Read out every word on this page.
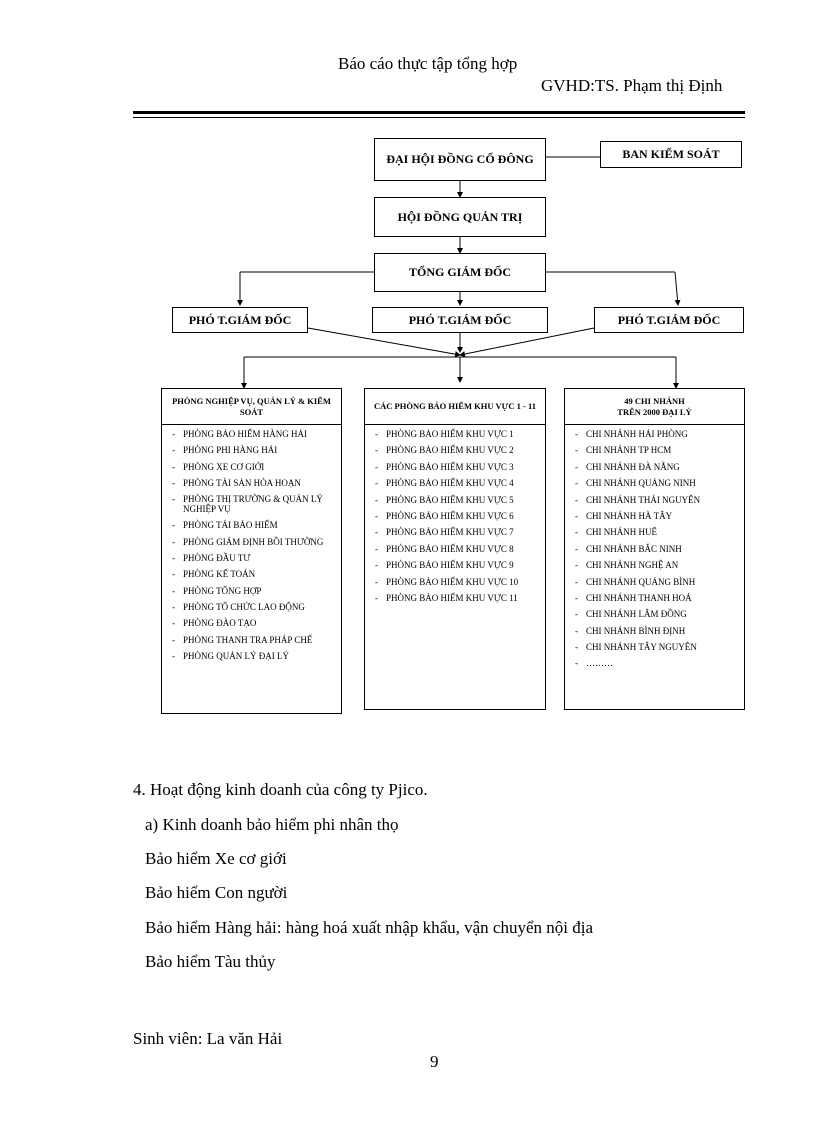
Báo cáo thực tập tổng hợp
GVHD:TS. Phạm thị Định
ĐẠI HỘI ĐỒNG CỔ ĐÔNG	BAN KIỂM SOÁT
HỘI ĐỒNG QUẢN TRỊ
TỔNG GIÁM ĐỐC
PHÓ T.GIÁM ĐỐC	PHÓ T.GIÁM ĐỐC	PHÓ T.GIÁM ĐỐC
PHÒNG NGHIỆP VỤ, QUẢN LÝ & KIỂM SOÁT
- PHÒNG BẢO HIỂM HÀNG HẢI
- PHÒNG PHI HÀNG HẢI
- PHÒNG XE CƠ GIỚI
- PHÒNG TÀI SẢN HỎA HOẠN
- PHÒNG THỊ TRƯỜNG & QUẢN LÝ NGHIỆP VỤ
- PHÒNG TÁI BẢO HIỂM
- PHÒNG GIÁM ĐỊNH BỒI THƯỜNG
- PHÒNG ĐẦU TƯ
- PHÒNG KẾ TOÁN
- PHÒNG TỔNG HỢP
- PHÒNG TỔ CHỨC LAO ĐỘNG
- PHÒNG ĐÀO TẠO
- PHÒNG THANH TRA PHÁP CHẾ
- PHÒNG QUẢN LÝ ĐẠI LÝ
CÁC PHÒNG BẢO HIỂM KHU VỰC 1 - 11
- PHÒNG BẢO HIỂM KHU VỰC 1
- PHÒNG BẢO HIỂM KHU VỰC 2
- PHÒNG BẢO HIỂM KHU VỰC 3
- PHÒNG BẢO HIỂM KHU VỰC 4
- PHÒNG BẢO HIỂM KHU VỰC 5
- PHÒNG BẢO HIỂM KHU VỰC 6
- PHÒNG BẢO HIỂM KHU VỰC 7
- PHÒNG BẢO HIỂM KHU VỰC 8
- PHÒNG BẢO HIỂM KHU VỰC 9
- PHÒNG BẢO HIỂM KHU VỰC 10
- PHÒNG BẢO HIỂM KHU VỰC 11
49 CHI NHÁNH
TRÊN 2000 ĐẠI LÝ
- CHI NHÁNH HẢI PHÒNG
- CHI NHÁNH TP HCM
- CHI NHÁNH ĐÀ NẴNG
- CHI NHÁNH QUẢNG NINH
- CHI NHÁNH THÁI NGUYÊN
- CHI NHÁNH HÀ TÂY
- CHI NHÁNH HUẾ
- CHI NHÁNH BẮC NINH
- CHI NHÁNH NGHỆ AN
- CHI NHÁNH QUẢNG BÌNH
- CHI NHÁNH THANH HOÁ
- CHI NHÁNH LÂM ĐỒNG
- CHI NHÁNH BÌNH ĐỊNH
- CHI NHÁNH TÂY NGUYÊN
- ………
4. Hoạt động kinh doanh của công ty Pjico.
a) Kinh doanh bảo hiểm phi nhân thọ
Bảo hiểm Xe cơ giới
Bảo hiểm Con người
Bảo hiểm Hàng hải: hàng hoá xuất nhập khẩu, vận chuyển nội địa
Bảo hiểm Tàu thủy
Sinh viên: La văn Hải
9
